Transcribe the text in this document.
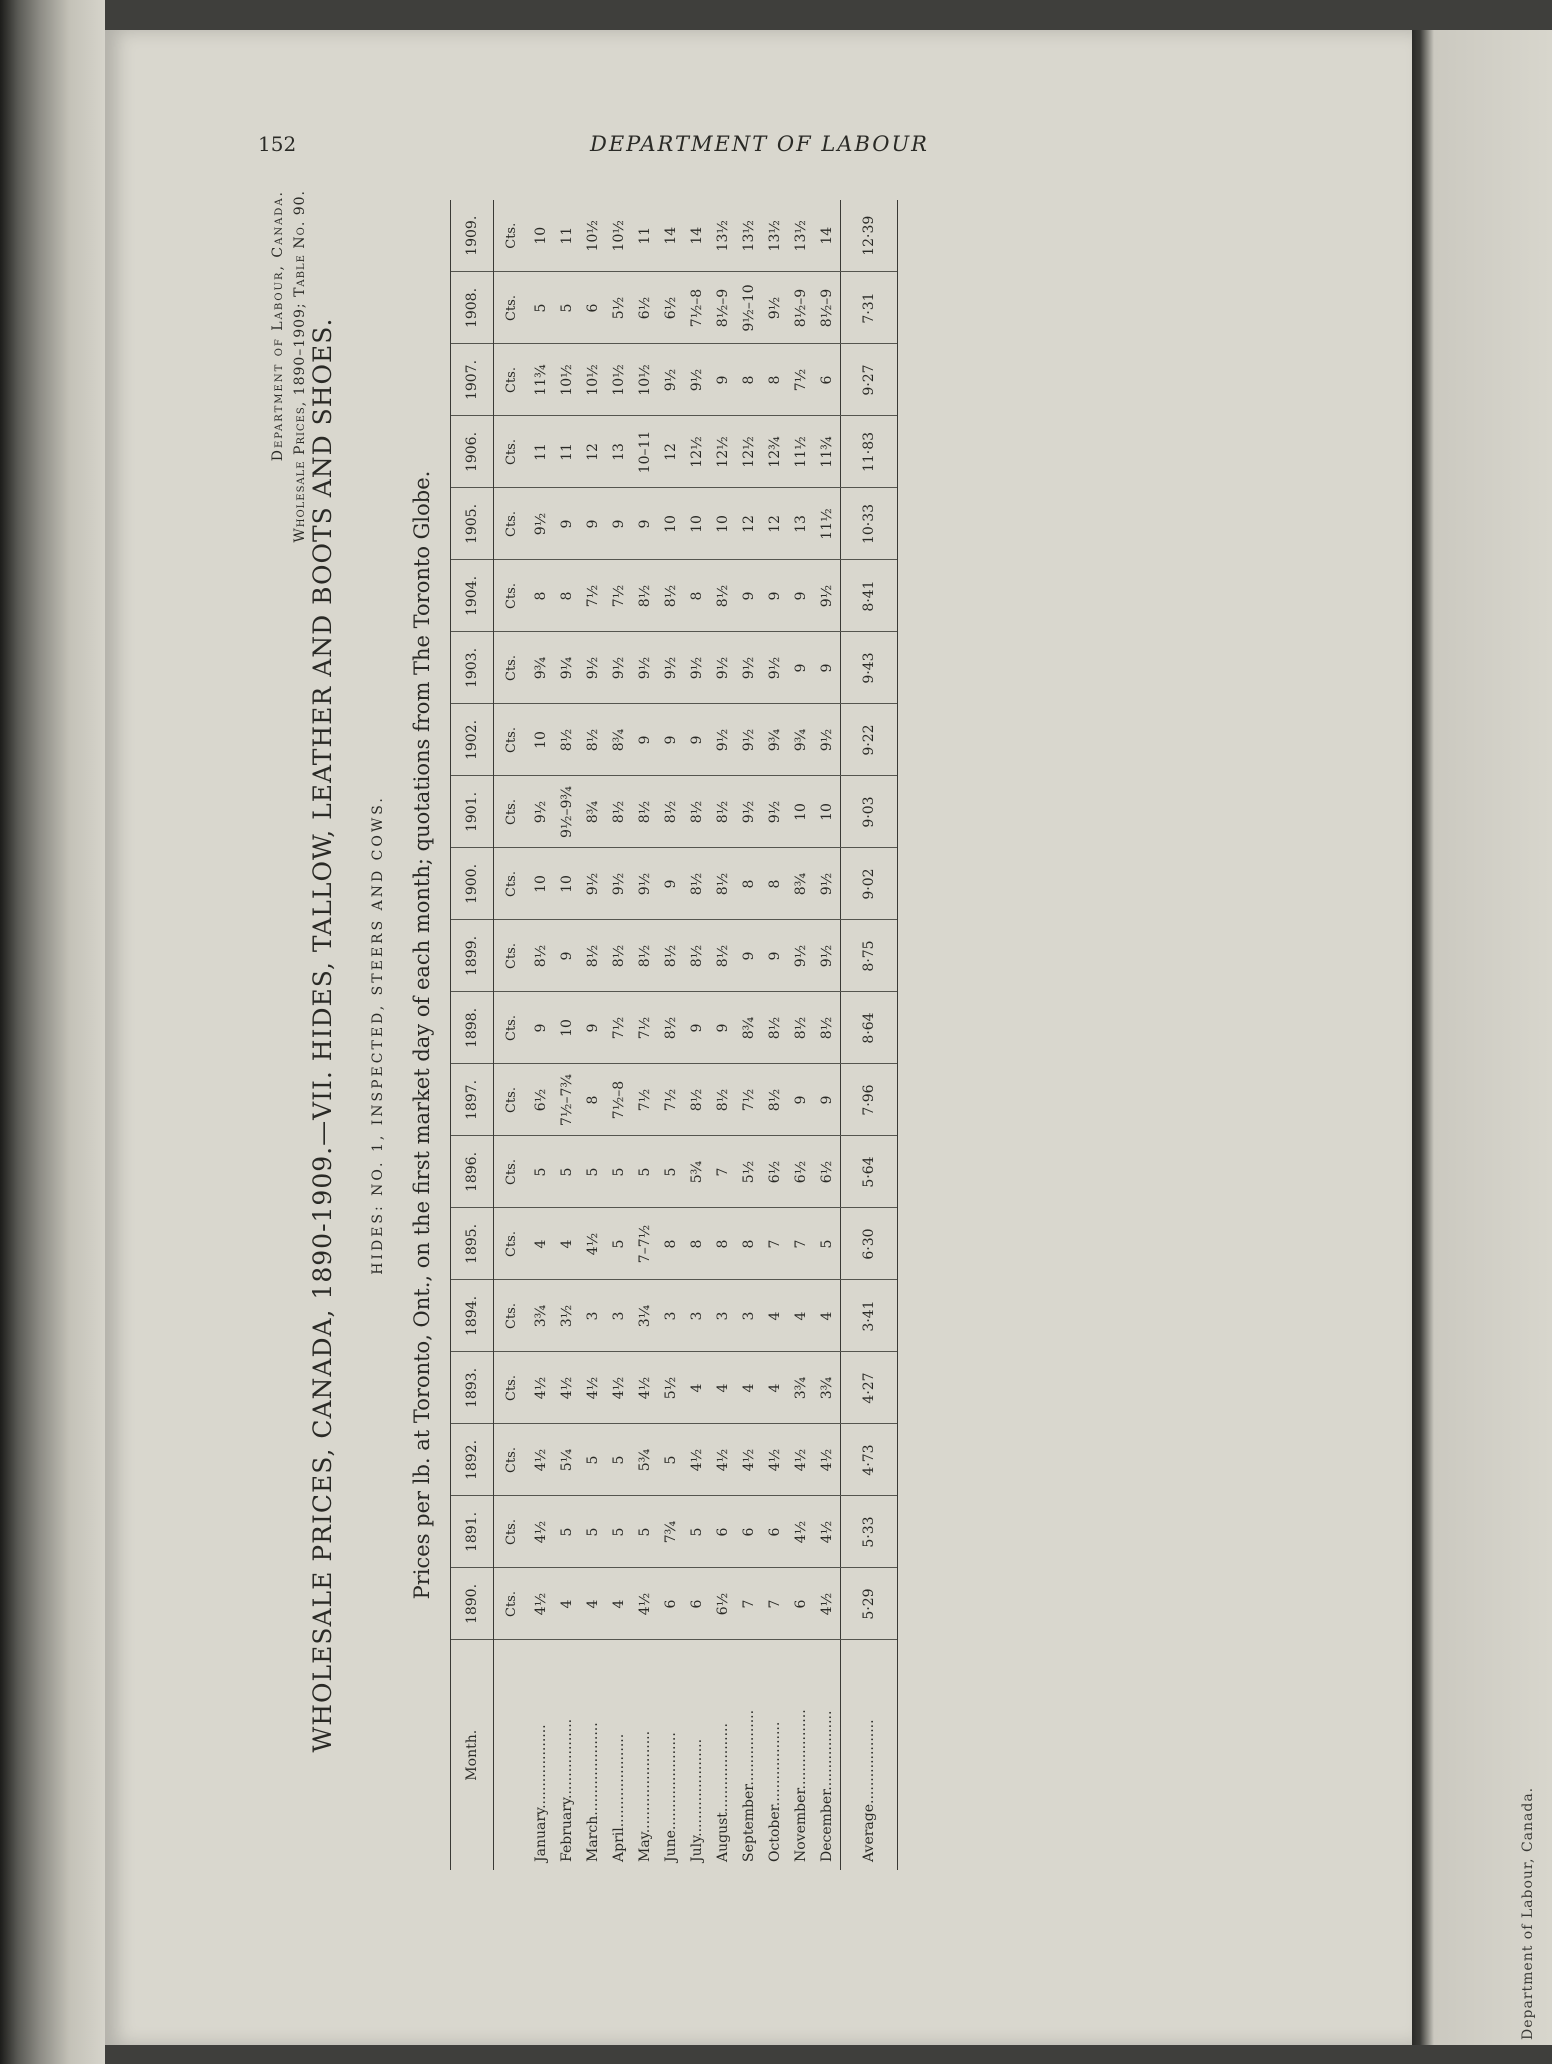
Department of Labour, Canada.
152	DEPARTMENT OF LABOUR
Department of Labour, Canada. Wholesale Prices, 1890–1909; Table No. 90. WHOLESALE PRICES, CANADA, 1890-1909.—VII. HIDES, TALLOW, LEATHER AND BOOTS AND SHOES. HIDES: NO. 1, INSPECTED, STEERS AND COWS. Prices per lb. at Toronto, Ont., on the first market day of each month; quotations from The Toronto Globe.
Month.	1890.	1891.	1892.	1893.	1894.	1895.	1896.	1897.	1898.	1899.	1900.	1901.	1902.	1903.	1904.	1905.	1906.	1907.	1908.	1909.
	Cts.	Cts.	Cts.	Cts.	Cts.	Cts.	Cts.	Cts.	Cts.	Cts.	Cts.	Cts.	Cts.	Cts.	Cts.	Cts.	Cts.	Cts.	Cts.	Cts.
January...................	4½	4½	4½	4½	3¾	4	5	6½	9	8½	10	9½	10	9¾	8	9½	11	11¾	5	10
February..................	4	5	5¼	4½	3½	4	5	7½–7¾	10	9	10	9½–9¾	8½	9¼	8	9	11	10½	5	11
March.....................	4	5	5	4½	3	4½	5	8	9	8½	9½	8¾	8½	9½	7½	9	12	10½	6	10½
April.....................	4	5	5	4½	3	5	5	7½–8	7½	8½	9½	8½	8¾	9½	7½	9	13	10½	5½	10½
May.......................	4½	5	5¾	4½	3¼	7–7½	5	7½	7½	8½	9½	8½	9	9½	8½	9	10–11	10½	6½	11
June......................	6	7¾	5	5½	3	8	5	7½	8½	8½	9	8½	9	9½	8½	10	12	9½	6½	14
July......................	6	5	4½	4	3	8	5¾	8½	9	8½	8½	8½	9	9½	8	10	12½	9½	7½–8	14
August....................	6½	6	4½	4	3	8	7	8½	9	8½	8½	8½	9½	9½	8½	10	12½	9	8½–9	13½
September.................	7	6	4½	4	3	8	5½	7½	8¾	9	8	9½	9½	9½	9	12	12½	8	9½–10	13½
October...................	7	6	4½	4	4	7	6½	8½	8½	9	8	9½	9¾	9½	9	12	12¾	8	9½	13½
November..................	6	4½	4½	3¾	4	7	6½	9	8½	9½	8¾	10	9¾	9	9	13	11½	7½	8½–9	13½
December..................	4½	4½	4½	3¾	4	5	6½	9	8½	9½	9½	10	9½	9	9½	11½	11¾	6	8½–9	14
Average...................	5·29	5·33	4·73	4·27	3·41	6·30	5·64	7·96	8·64	8·75	9·02	9·03	9·22	9·43	8·41	10·33	11·83	9·27	7·31	12·39
